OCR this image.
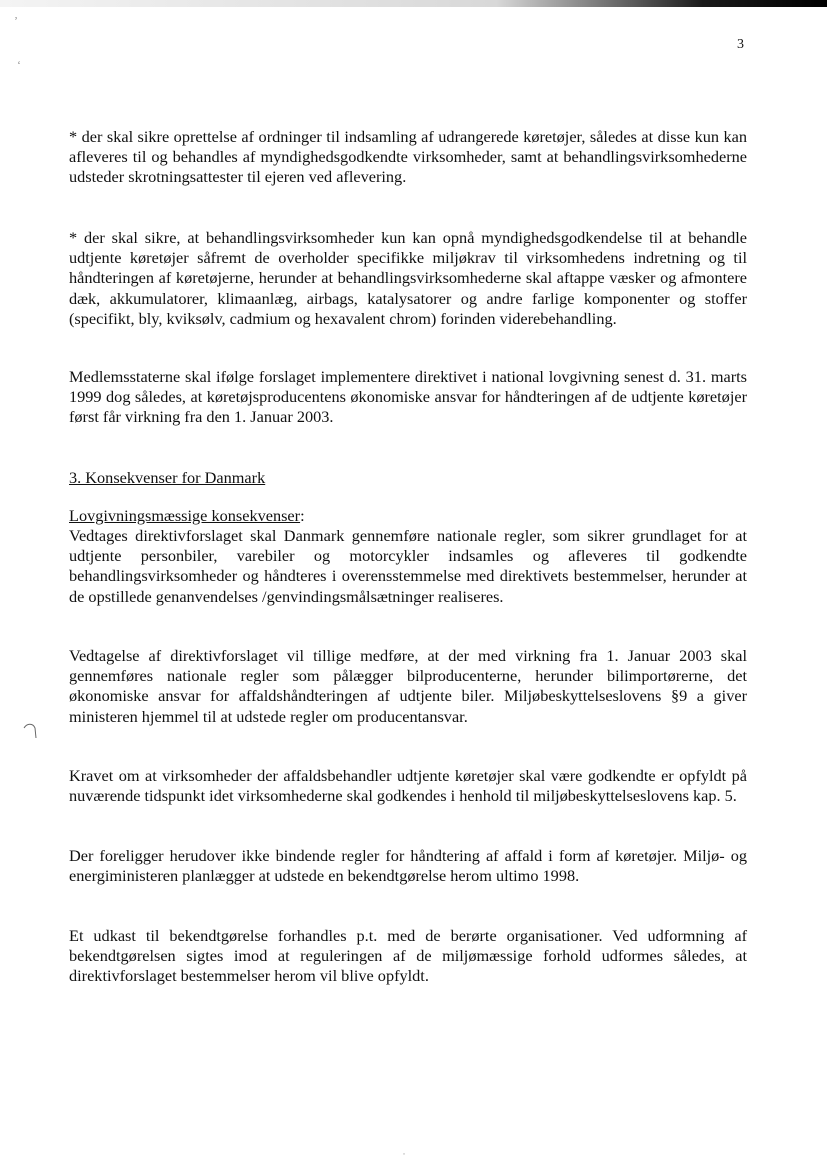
ʼ
‘
3

* der skal sikre oprettelse af ordninger til indsamling af udrangerede køretøjer, således at disse kun kan afleveres til og behandles af myndighedsgodkendte virksomheder, samt at behandlingsvirksomhederne udsteder skrotningsattester til ejeren ved aflevering.

* der skal sikre, at behandlingsvirksomheder kun kan opnå myndighedsgodkendelse til at behandle udtjente køretøjer såfremt de overholder specifikke miljøkrav til virksomhedens indretning og til håndteringen af køretøjerne, herunder at behandlingsvirksomhederne skal aftappe væsker og afmontere dæk, akkumulatorer, klimaanlæg, airbags, katalysatorer og andre farlige komponenter og stoffer (specifikt, bly, kviksølv, cadmium og hexavalent chrom) forinden viderebehandling.

Medlemsstaterne skal ifølge forslaget implementere direktivet i national lovgivning senest d. 31. marts 1999 dog således, at køretøjsproducentens økonomiske ansvar for håndteringen af de udtjente køretøjer først får virkning fra den 1. Januar 2003.

3. Konsekvenser for Danmark

Lovgivningsmæssige konsekvenser:

Vedtages direktivforslaget skal Danmark gennemføre nationale regler, som sikrer grundlaget for at udtjente personbiler, varebiler og motorcykler indsamles og afleveres til godkendte behandlingsvirksomheder og håndteres i overensstemmelse med direktivets bestemmelser, herunder at de opstillede genanvendelses /genvindingsmålsætninger realiseres.

Vedtagelse af direktivforslaget vil tillige medføre, at der med virkning fra 1. Januar 2003 skal gennemføres nationale regler som pålægger bilproducenterne, herunder bilimportørerne, det økonomiske ansvar for affaldshåndteringen af udtjente biler. Miljøbeskyttelseslovens §9 a giver ministeren hjemmel til at udstede regler om producentansvar.

Kravet om at virksomheder der affaldsbehandler udtjente køretøjer skal være godkendte er opfyldt på nuværende tidspunkt idet virksomhederne skal godkendes i henhold til miljøbeskyttelseslovens kap. 5.

Der foreligger herudover ikke bindende regler for håndtering af affald i form af køretøjer. Miljø- og energiministeren planlægger at udstede en bekendtgørelse herom ultimo 1998.

Et udkast til bekendtgørelse forhandles p.t. med de berørte organisationer. Ved udformning af bekendtgørelsen sigtes imod at reguleringen af de miljømæssige forhold udformes således, at direktivforslaget bestemmelser herom vil blive opfyldt.

˙
